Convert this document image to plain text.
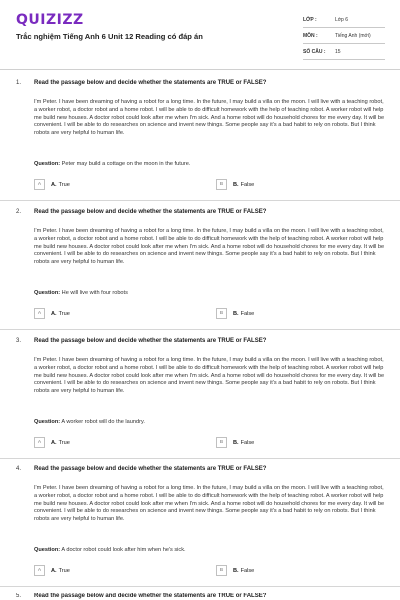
QUIZIZZ
Trắc nghiệm Tiếng Anh 6 Unit 12 Reading có đáp án
LỚP :	Lớp 6
MÔN :	Tiếng Anh (mới)
SỐ CÂU :	15
1. Read the passage below and decide whether the statements are TRUE or FALSE?
I'm Peter. I have been dreaming of having a robot for a long time. In the future, I may build a villa on the moon. I will live with a teaching robot, a worker robot, a doctor robot and a home robot. I will be able to do difficult homework with the help of teaching robot. A worker robot will help me build new houses. A doctor robot could look after me when I'm sick. And a home robot will do household chores for me every day. It will be convenient. I will be able to do researches on science and invent new things. Some people say it's a bad habit to rely on robots. But I think robots are very helpful to human life.
Question: Peter may build a cottage on the moon in the future.
A	A. True	B	B. False
2. Read the passage below and decide whether the statements are TRUE or FALSE?
I'm Peter. I have been dreaming of having a robot for a long time. In the future, I may build a villa on the moon. I will live with a teaching robot, a worker robot, a doctor robot and a home robot. I will be able to do difficult homework with the help of teaching robot. A worker robot will help me build new houses. A doctor robot could look after me when I'm sick. And a home robot will do household chores for me every day. It will be convenient. I will be able to do researches on science and invent new things. Some people say it's a bad habit to rely on robots. But I think robots are very helpful to human life.
Question: He will live with four robots
A	A. True	B	B. False
3. Read the passage below and decide whether the statements are TRUE or FALSE?
I'm Peter. I have been dreaming of having a robot for a long time. In the future, I may build a villa on the moon. I will live with a teaching robot, a worker robot, a doctor robot and a home robot. I will be able to do difficult homework with the help of teaching robot. A worker robot will help me build new houses. A doctor robot could look after me when I'm sick. And a home robot will do household chores for me every day. It will be convenient. I will be able to do researches on science and invent new things. Some people say it's a bad habit to rely on robots. But I think robots are very helpful to human life.
Question: A worker robot will do the laundry.
A	A. True	B	B. False
4. Read the passage below and decide whether the statements are TRUE or FALSE?
I'm Peter. I have been dreaming of having a robot for a long time. In the future, I may build a villa on the moon. I will live with a teaching robot, a worker robot, a doctor robot and a home robot. I will be able to do difficult homework with the help of teaching robot. A worker robot will help me build new houses. A doctor robot could look after me when I'm sick. And a home robot will do household chores for me every day. It will be convenient. I will be able to do researches on science and invent new things. Some people say it's a bad habit to rely on robots. But I think robots are very helpful to human life.
Question: A doctor robot could look after him when he's sick.
A	A. True	B	B. False
5. Read the passage below and decide whether the statements are TRUE or FALSE?
